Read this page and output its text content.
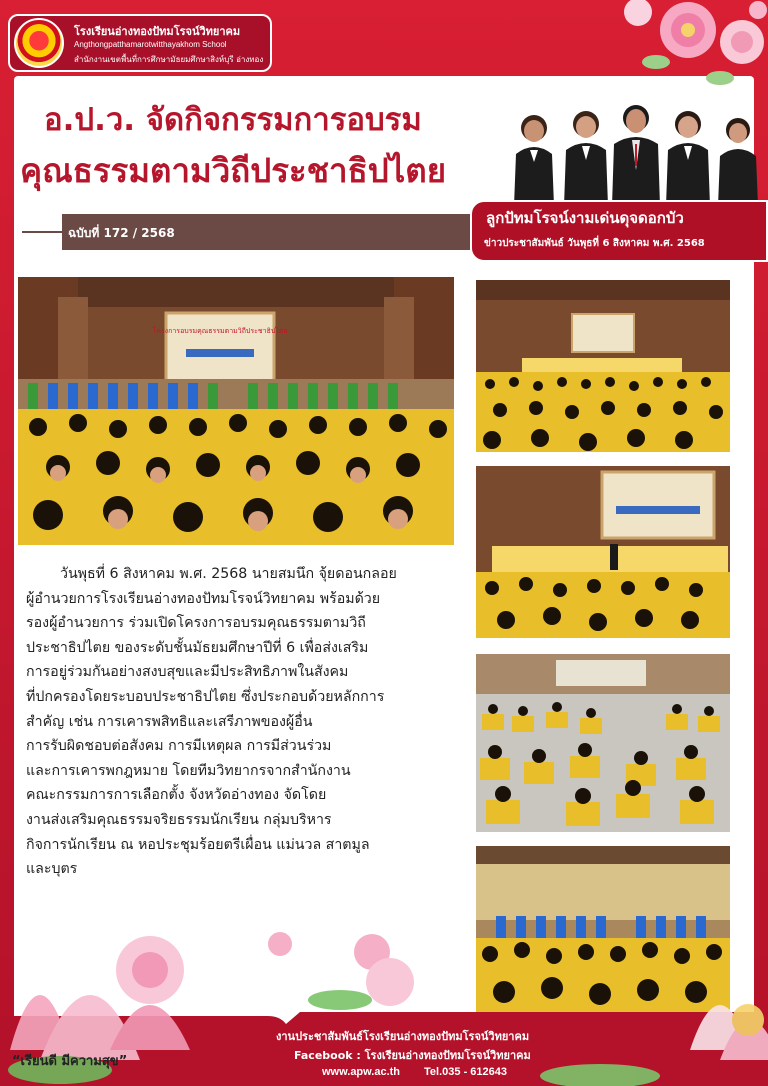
โรงเรียนอ่างทองปัทมโรจน์วิทยาคม
Angthongpatthamarotwitthayakhom School
สำนักงานเขตพื้นที่การศึกษามัธยมศึกษาสิงห์บุรี อ่างทอง
อ.ป.ว. จัดกิจกรรมการอบรม
คุณธรรมตามวิถีประชาธิปไตย
ฉบับที่ 172 / 2568
ลูกปัทมโรจน์งามเด่นดุจดอกบัว
ข่าวประชาสัมพันธ์ วันพุธที่ 6 สิงหาคม พ.ศ. 2568
โครงการอบรมคุณธรรมตามวิถีประชาธิปไตย
วันพุธที่ 6 สิงหาคม พ.ศ. 2568 นายสมนึก จุ้ยดอนกลอย
ผู้อำนวยการโรงเรียนอ่างทองปัทมโรจน์วิทยาคม พร้อมด้วย
รองผู้อำนวยการ ร่วมเปิดโครงการอบรมคุณธรรมตามวิถี
ประชาธิปไตย ของระดับชั้นมัธยมศึกษาปีที่ 6 เพื่อส่งเสริม
การอยู่ร่วมกันอย่างสงบสุขและมีประสิทธิภาพในสังคม
ที่ปกครองโดยระบอบประชาธิปไตย ซึ่งประกอบด้วยหลักการ
สำคัญ เช่น การเคารพสิทธิและเสรีภาพของผู้อื่น
การรับผิดชอบต่อสังคม การมีเหตุผล การมีส่วนร่วม
และการเคารพกฎหมาย โดยทีมวิทยากรจากสำนักงาน
คณะกรรมการการเลือกตั้ง จังหวัดอ่างทอง จัดโดย
งานส่งเสริมคุณธรรมจริยธรรมนักเรียน กลุ่มบริหาร
กิจการนักเรียน ณ หอประชุมร้อยตรีเผื่อน แม่นวล สาตมูล
และบุตร
“เรียนดี มีความสุข”
งานประชาสัมพันธ์โรงเรียนอ่างทองปัทมโรจน์วิทยาคม
Facebook : โรงเรียนอ่างทองปัทมโรจน์วิทยาคม
www.apw.ac.th Tel.035 - 612643
